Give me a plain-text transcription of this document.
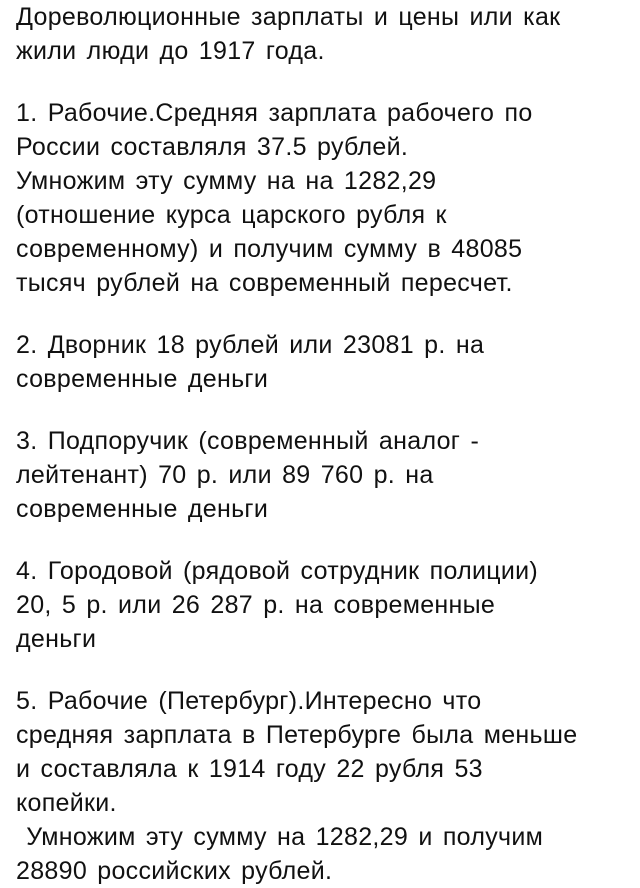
Дореволюционные зарплаты и цены или как
жили люди до 1917 года.
1. Рабочие.Средняя зарплата рабочего по
России составляля 37.5 рублей.
Умножим эту сумму на на 1282,29
(отношение курса царского рубля к
современному) и получим сумму в 48085
тысяч рублей на современный пересчет.
2. Дворник 18 рублей или 23081 р. на
современные деньги
3. Подпоручик (современный аналог -
лейтенант) 70 р. или 89 760 р. на
современные деньги
4. Городовой (рядовой сотрудник полиции)
20, 5 р. или 26 287 р. на современные
деньги
5. Рабочие (Петербург).Интересно что
средняя зарплата в Петербурге была меньше
и составляла к 1914 году 22 рубля 53
копейки.
Умножим эту сумму на 1282,29 и получим
28890 российских рублей.
